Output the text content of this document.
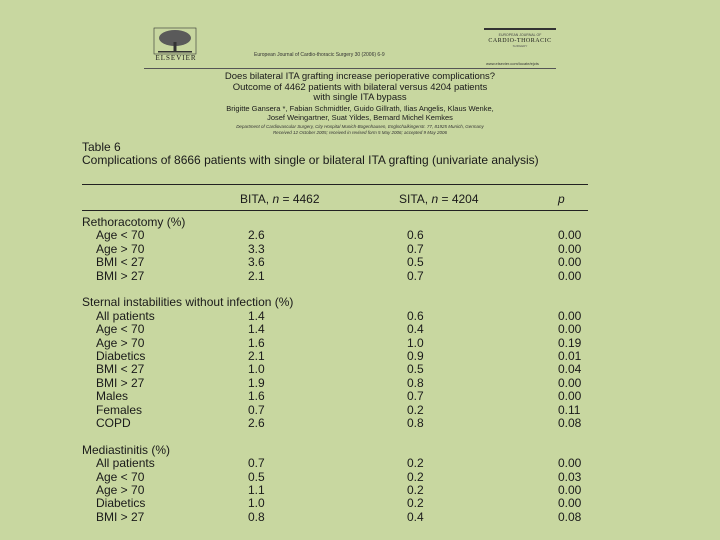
ELSEVIER	European Journal of Cardio-thoracic Surgery 30 (2006) 6-9
EUROPEAN JOURNAL OF
CARDIO-THORACIC
SURGERY
www.elsevier.com/locate/ejcts
Does bilateral ITA grafting increase perioperative complications?
Outcome of 4462 patients with bilateral versus 4204 patients
with single ITA bypass
Brigitte Gansera *, Fabian Schmidtler, Guido Gillrath, Ilias Angelis, Klaus Wenke,
Josef Weingartner, Suat Yildes, Bernard Michel Kemkes
Department of Cardiovascular Surgery, City Hospital Munich-Bogenhausen, Englschalkingerstr. 77, 81925 Munich, Germany
Received 12 October 2005; received in revised form 5 May 2006; accepted 9 May 2006
Table 6
Complications of 8666 patients with single or bilateral ITA grafting (univariate analysis)
BITA, n = 4462	SITA, n = 4204	p
Rethoracotomy (%)
Age < 70	2.6	0.6	0.00
Age > 70	3.3	0.7	0.00
BMI < 27	3.6	0.5	0.00
BMI > 27	2.1	0.7	0.00
Sternal instabilities without infection (%)
All patients	1.4	0.6	0.00
Age < 70	1.4	0.4	0.00
Age > 70	1.6	1.0	0.19
Diabetics	2.1	0.9	0.01
BMI < 27	1.0	0.5	0.04
BMI > 27	1.9	0.8	0.00
Males	1.6	0.7	0.00
Females	0.7	0.2	0.11
COPD	2.6	0.8	0.08
Mediastinitis (%)
All patients	0.7	0.2	0.00
Age < 70	0.5	0.2	0.03
Age > 70	1.1	0.2	0.00
Diabetics	1.0	0.2	0.00
BMI > 27	0.8	0.4	0.08
